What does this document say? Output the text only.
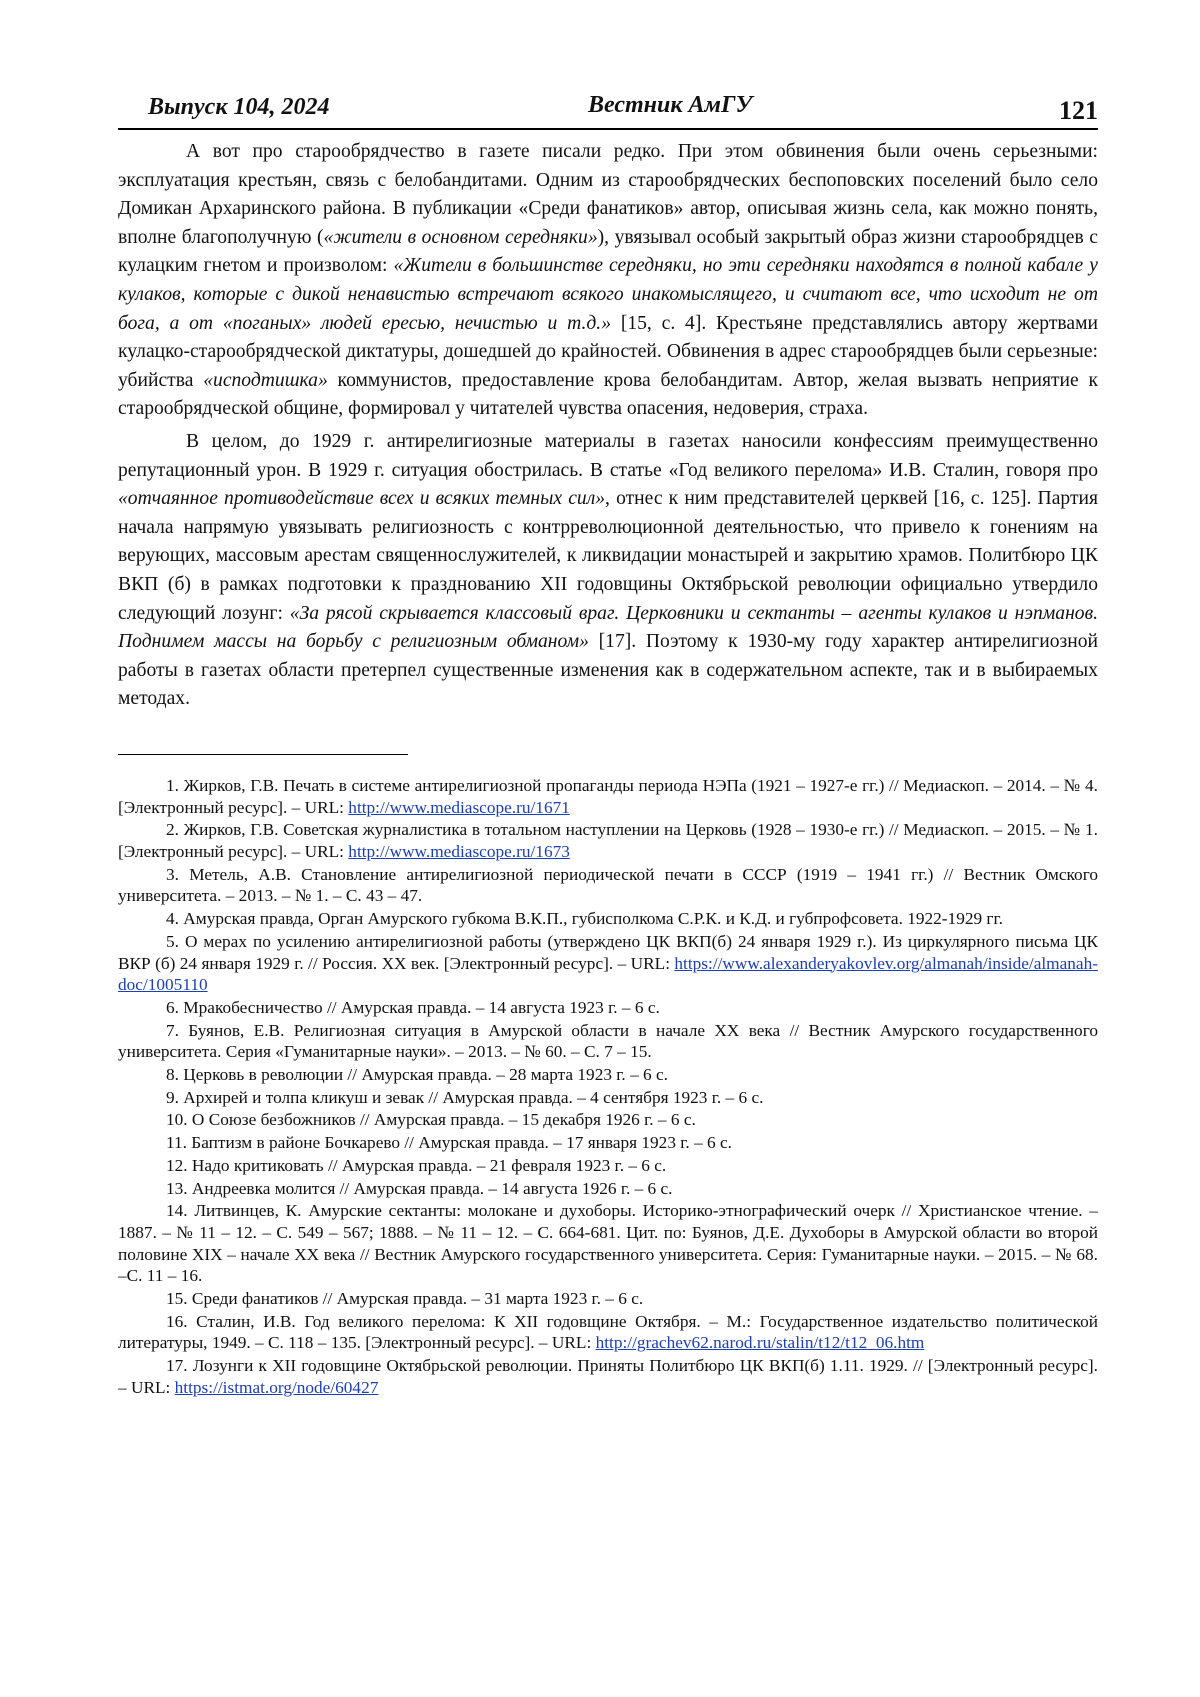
Выпуск 104, 2024	Вестник АмГУ	121

А вот про старообрядчество в газете писали редко. При этом обвинения были очень серьезными: эксплуатация крестьян, связь с белобандитами. Одним из старообрядческих беспоповских поселений было село Домикан Архаринского района. В публикации «Среди фанатиков» автор, описывая жизнь села, как можно понять, вполне благополучную («жители в основном середняки»), увязывал особый закрытый образ жизни старообрядцев с кулацким гнетом и произволом: «Жители в большинстве середняки, но эти середняки находятся в полной кабале у кулаков, которые с дикой ненавистью встречают всякого инакомыслящего, и считают все, что исходит не от бога, а от «поганых» людей ересью, нечистью и т.д.» [15, с. 4]. Крестьяне представлялись автору жертвами кулацко-старообрядческой диктатуры, дошедшей до крайностей. Обвинения в адрес старообрядцев были серьезные: убийства «исподтишка» коммунистов, предоставление крова белобандитам. Автор, желая вызвать неприятие к старообрядческой общине, формировал у читателей чувства опасения, недоверия, страха.

В целом, до 1929 г. антирелигиозные материалы в газетах наносили конфессиям преимущественно репутационный урон. В 1929 г. ситуация обострилась. В статье «Год великого перелома» И.В. Сталин, говоря про «отчаянное противодействие всех и всяких темных сил», отнес к ним представителей церквей [16, с. 125]. Партия начала напрямую увязывать религиозность с контрреволюционной деятельностью, что привело к гонениям на верующих, массовым арестам священнослужителей, к ликвидации монастырей и закрытию храмов. Политбюро ЦК ВКП (б) в рамках подготовки к празднованию XII годовщины Октябрьской революции официально утвердило следующий лозунг: «За рясой скрывается классовый враг. Церковники и сектанты – агенты кулаков и нэпманов. Поднимем массы на борьбу с религиозным обманом» [17]. Поэтому к 1930-му году характер антирелигиозной работы в газетах области претерпел существенные изменения как в содержательном аспекте, так и в выбираемых методах.

1. Жирков, Г.В. Печать в системе антирелигиозной пропаганды периода НЭПа (1921 – 1927-е гг.) // Медиаскоп. – 2014. – № 4. [Электронный ресурс]. – URL: http://www.mediascope.ru/1671
2. Жирков, Г.В. Советская журналистика в тотальном наступлении на Церковь (1928 – 1930-е гг.) // Медиаскоп. – 2015. – № 1. [Электронный ресурс]. – URL: http://www.mediascope.ru/1673
3. Метель, А.В. Становление антирелигиозной периодической печати в СССР (1919 – 1941 гг.) // Вестник Омского университета. – 2013. – № 1. – С. 43 – 47.
4. Амурская правда, Орган Амурского губкома В.К.П., губисполкома С.Р.К. и К.Д. и губпрофсовета. 1922-1929 гг.
5. О мерах по усилению антирелигиозной работы (утверждено ЦК ВКП(б) 24 января 1929 г.). Из циркулярного письма ЦК ВКР (б) 24 января 1929 г. // Россия. XX век. [Электронный ресурс]. – URL: https://www.alexanderyakovlev.org/almanah/inside/almanah-doc/1005110
6. Мракобесничество // Амурская правда. – 14 августа 1923 г. – 6 с.
7. Буянов, Е.В. Религиозная ситуация в Амурской области в начале XX века // Вестник Амурского государственного университета. Серия «Гуманитарные науки». – 2013. – № 60. – С. 7 – 15.
8. Церковь в революции // Амурская правда. – 28 марта 1923 г. – 6 с.
9. Архирей и толпа кликуш и зевак // Амурская правда. – 4 сентября 1923 г. – 6 с.
10. О Союзе безбожников // Амурская правда. – 15 декабря 1926 г. – 6 с.
11. Баптизм в районе Бочкарево // Амурская правда. – 17 января 1923 г. – 6 с.
12. Надо критиковать // Амурская правда. – 21 февраля 1923 г. – 6 с.
13. Андреевка молится // Амурская правда. – 14 августа 1926 г. – 6 с.
14. Литвинцев, К. Амурские сектанты: молокане и духоборы. Историко-этнографический очерк // Христианское чтение. – 1887. – № 11 – 12. – С. 549 – 567; 1888. – № 11 – 12. – С. 664-681. Цит. по: Буянов, Д.Е. Духоборы в Амурской области во второй половине XIX – начале XX века // Вестник Амурского государственного университета. Серия: Гуманитарные науки. – 2015. – № 68. –С. 11 – 16.
15. Среди фанатиков // Амурская правда. – 31 марта 1923 г. – 6 с.
16. Сталин, И.В. Год великого перелома: К XII годовщине Октября. – М.: Государственное издательство политической литературы, 1949. – С. 118 – 135. [Электронный ресурс]. – URL: http://grachev62.narod.ru/stalin/t12/t12_06.htm
17. Лозунги к XII годовщине Октябрьской революции. Приняты Политбюро ЦК ВКП(б) 1.11. 1929. // [Электронный ресурс]. – URL: https://istmat.org/node/60427
